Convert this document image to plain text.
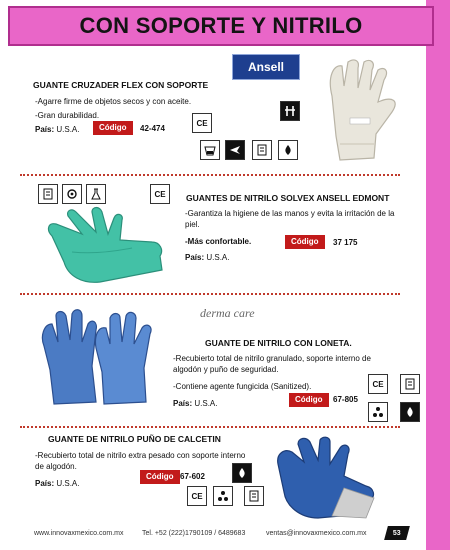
CON SOPORTE Y NITRILO
GUANTE CRUZADER FLEX CON SOPORTE
Ansell
-Agarre firme de objetos secos y con aceite.
-Gran durabilidad.
País: U.S.A.	Código	42-474
CE
CE	GUANTES DE NITRILO SOLVEX ANSELL EDMONT
-Garantiza la higiene de las manos y evita la irritación de la piel.
-Más confortable.	Código	37 175
País: U.S.A.
derma care
GUANTE DE NITRILO CON LONETA.
-Recubierto total de nitrilo granulado, soporte interno de algodón y puño de seguridad.
-Contiene agente fungicida (Sanitized).
País: U.S.A.	Código	67-805
CE
GUANTE DE NITRILO PUÑO DE CALCETIN
-Recubierto total de nitrilo extra pesado con soporte interno de algodón.
Código 67-602
País: U.S.A.
CE
www.innovaxmexico.com.mx	Tel. +52 (222)1790109 / 6489683	ventas@innovaxmexico.com.mx	53
